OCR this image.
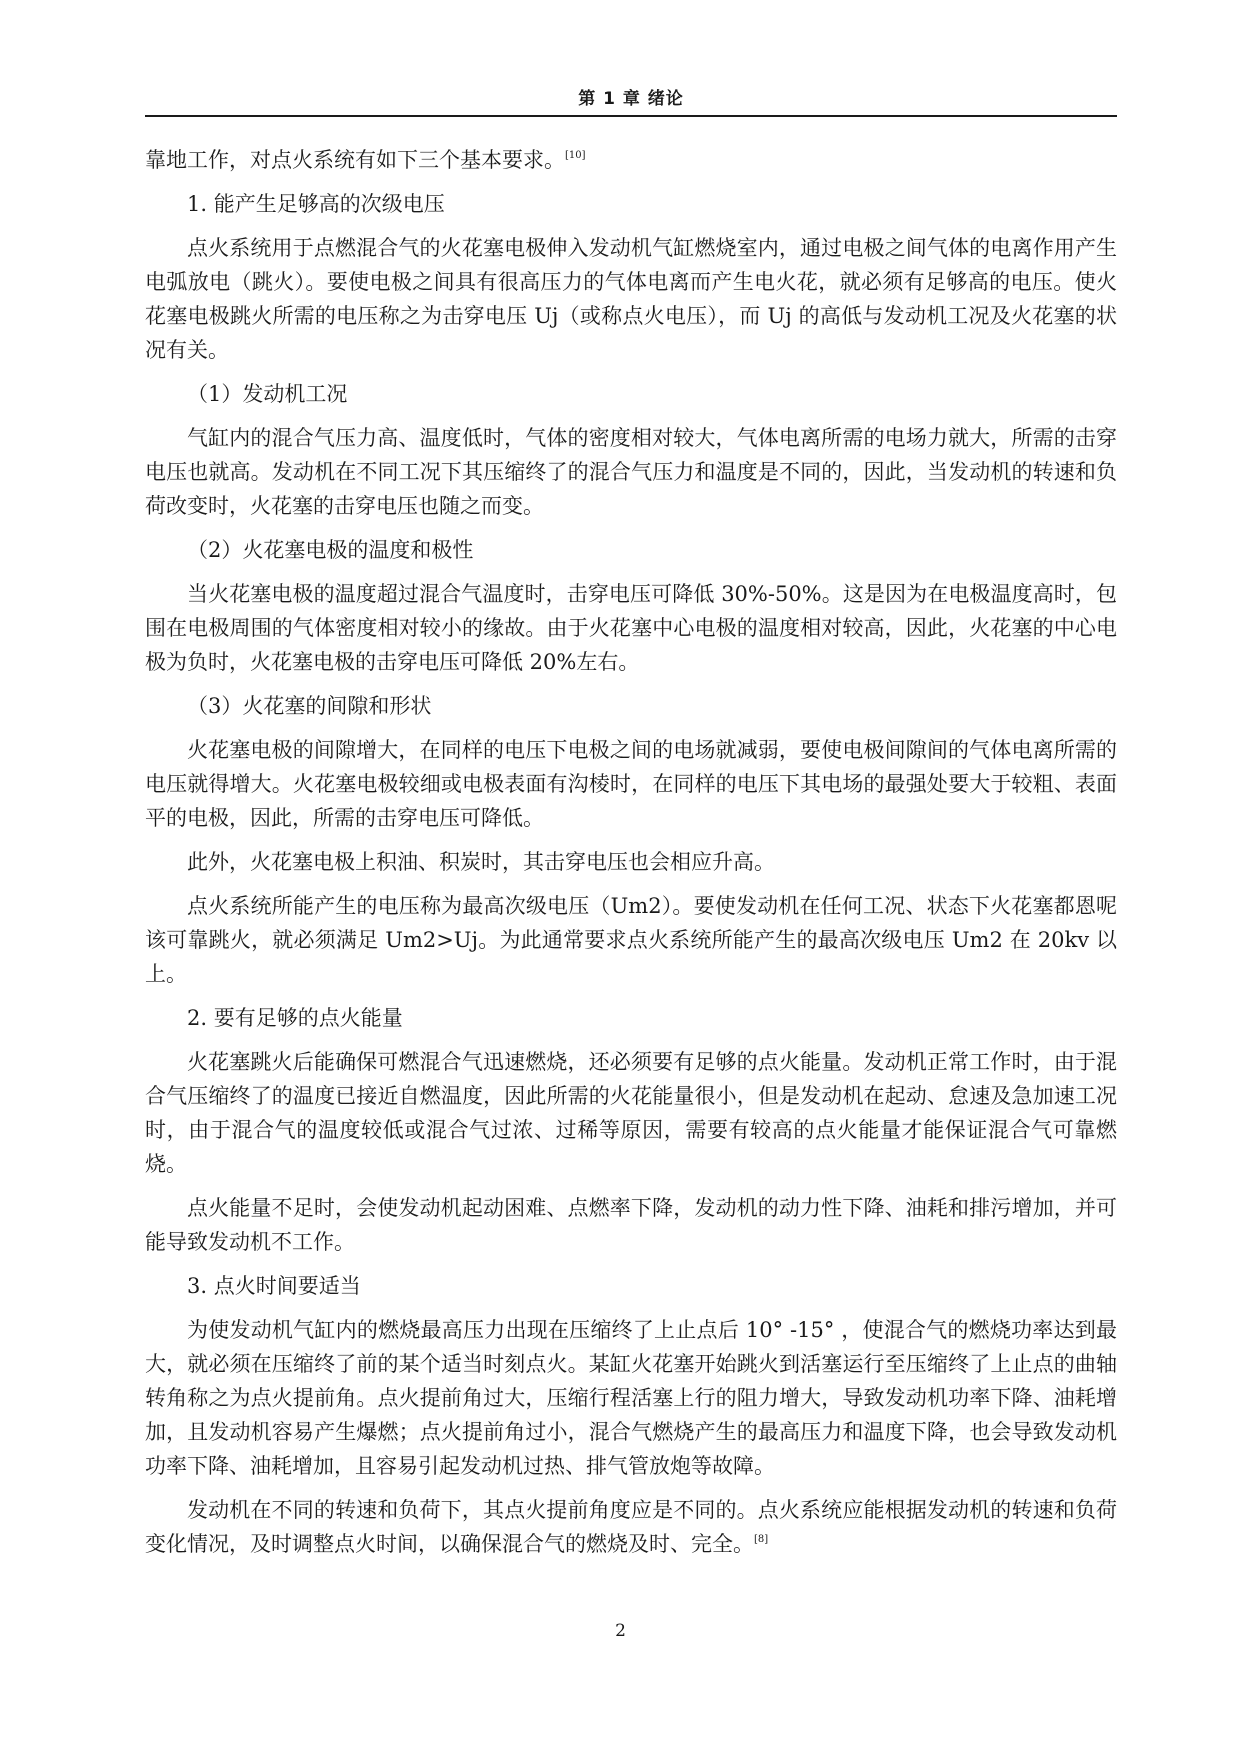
第 1 章 绪论

靠地工作，对点火系统有如下三个基本要求。[10]

1. 能产生足够高的次级电压

点火系统用于点燃混合气的火花塞电极伸入发动机气缸燃烧室内，通过电极之间气体的电离作用产生电弧放电（跳火）。要使电极之间具有很高压力的气体电离而产生电火花，就必须有足够高的电压。使火花塞电极跳火所需的电压称之为击穿电压 Uj（或称点火电压），而 Uj 的高低与发动机工况及火花塞的状况有关。

（1）发动机工况

气缸内的混合气压力高、温度低时，气体的密度相对较大，气体电离所需的电场力就大，所需的击穿电压也就高。发动机在不同工况下其压缩终了的混合气压力和温度是不同的，因此，当发动机的转速和负荷改变时，火花塞的击穿电压也随之而变。

（2）火花塞电极的温度和极性

当火花塞电极的温度超过混合气温度时，击穿电压可降低 30%-50%。这是因为在电极温度高时，包围在电极周围的气体密度相对较小的缘故。由于火花塞中心电极的温度相对较高，因此，火花塞的中心电极为负时，火花塞电极的击穿电压可降低 20%左右。

（3）火花塞的间隙和形状

火花塞电极的间隙增大，在同样的电压下电极之间的电场就减弱，要使电极间隙间的气体电离所需的电压就得增大。火花塞电极较细或电极表面有沟棱时，在同样的电压下其电场的最强处要大于较粗、表面平的电极，因此，所需的击穿电压可降低。

此外，火花塞电极上积油、积炭时，其击穿电压也会相应升高。

点火系统所能产生的电压称为最高次级电压（Um2）。要使发动机在任何工况、状态下火花塞都恩呢该可靠跳火，就必须满足 Um2>Uj。为此通常要求点火系统所能产生的最高次级电压 Um2 在 20kv 以上。

2. 要有足够的点火能量

火花塞跳火后能确保可燃混合气迅速燃烧，还必须要有足够的点火能量。发动机正常工作时，由于混合气压缩终了的温度已接近自燃温度，因此所需的火花能量很小，但是发动机在起动、怠速及急加速工况时，由于混合气的温度较低或混合气过浓、过稀等原因，需要有较高的点火能量才能保证混合气可靠燃烧。

点火能量不足时，会使发动机起动困难、点燃率下降，发动机的动力性下降、油耗和排污增加，并可能导致发动机不工作。

3. 点火时间要适当

为使发动机气缸内的燃烧最高压力出现在压缩终了上止点后 10° -15° ，使混合气的燃烧功率达到最大，就必须在压缩终了前的某个适当时刻点火。某缸火花塞开始跳火到活塞运行至压缩终了上止点的曲轴转角称之为点火提前角。点火提前角过大，压缩行程活塞上行的阻力增大，导致发动机功率下降、油耗增加，且发动机容易产生爆燃；点火提前角过小，混合气燃烧产生的最高压力和温度下降，也会导致发动机功率下降、油耗增加，且容易引起发动机过热、排气管放炮等故障。

发动机在不同的转速和负荷下，其点火提前角度应是不同的。点火系统应能根据发动机的转速和负荷变化情况，及时调整点火时间，以确保混合气的燃烧及时、完全。[8]

2
